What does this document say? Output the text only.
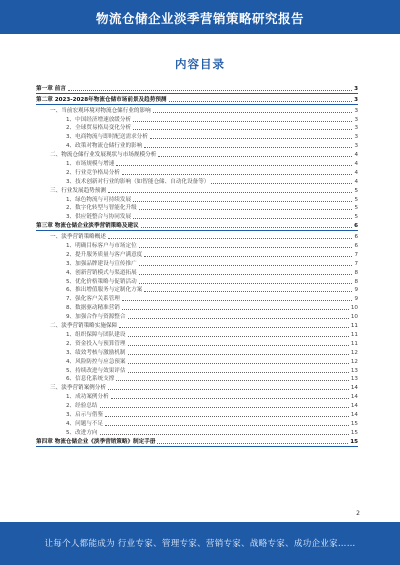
物流仓储企业淡季营销策略研究报告
内容目录
第一章 前言	3
第二章 2023-2028年物流仓储市场前景及趋势预测	3
一、当前宏观环境对物流仓储行业的影响	3
1、中国经济增速放缓分析	3
2、全球贸易格局变化分析	3
3、电商物流与即时配送需求分析	3
4、政策对物流仓储行业的影响	3
二、物流仓储行业发展现状与市场规模分析	4
1、市场规模与增速	4
2、行业竞争格局分析	4
3、技术创新对行业的影响（如智能仓储、自动化设备等）	4
三、行业发展趋势预测	5
1、绿色物流与可持续发展	5
2、数字化转型与智能化升级	5
3、供应链整合与协同发展	5
第三章 物流仓储企业淡季营销策略及建议	6
一、淡季营销策略概述	6
1、明确目标客户与市场定位	6
2、提升服务质量与客户满意度	7
3、加强品牌建设与宣传推广	7
4、创新营销模式与渠道拓展	8
5、优化价格策略与促销活动	8
6、推出增值服务与定制化方案	9
7、强化客户关系管理	9
8、数据驱动精准营销	10
9、加强合作与资源整合	10
二、淡季营销策略实施保障	11
1、组织保障与团队建设	11
2、资金投入与预算管理	11
3、绩效考核与激励机制	12
4、风险防控与应急预案	12
5、持续改进与效果评估	13
6、信息化系统支撑	13
三、淡季营销案例分析	14
1、成功案例分析	14
2、经验总结	14
3、启示与借鉴	14
4、问题与不足	15
5、改进方向	15
第四章 物流仓储企业《淡季营销策略》制定手册	15
2
让每个人都能成为 行业专家、管理专家、营销专家、战略专家、成功企业家……
